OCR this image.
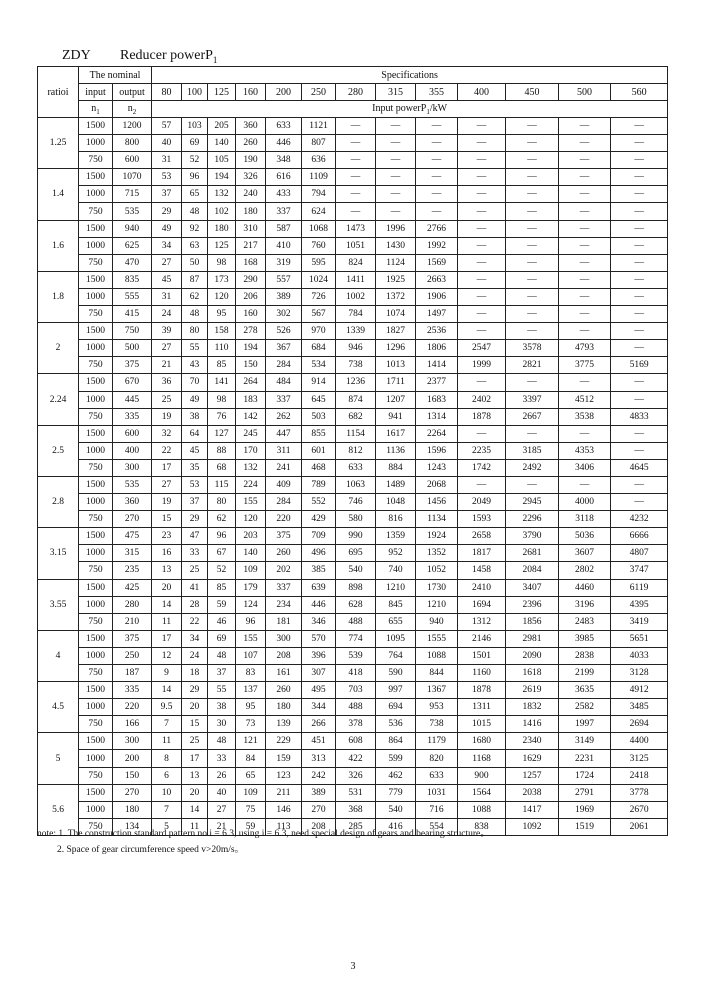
ZDY Reducer powerP$_1$
ratioi	The nominal		Specifications												
	input	output	80	100	125	160	200	250	280	315	355	400	450	500	560
	$n_1$	$n_2$	Input powerP$_1$/kW												
1.25	1500	1200	57	103	205	360	633	1121	—	—	—	—	—	—	—
	1000	800	40	69	140	260	446	807	—	—	—	—	—	—	—
	750	600	31	52	105	190	348	636	—	—	—	—	—	—	—
1.4	1500	1070	53	96	194	326	616	1109	—	—	—	—	—	—	—
	1000	715	37	65	132	240	433	794	—	—	—	—	—	—	—
	750	535	29	48	102	180	337	624	—	—	—	—	—	—	—
1.6	1500	940	49	92	180	310	587	1068	1473	1996	2766	—	—	—	—
	1000	625	34	63	125	217	410	760	1051	1430	1992	—	—	—	—
	750	470	27	50	98	168	319	595	824	1124	1569	—	—	—	—
1.8	1500	835	45	87	173	290	557	1024	1411	1925	2663	—	—	—	—
	1000	555	31	62	120	206	389	726	1002	1372	1906	—	—	—	—
	750	415	24	48	95	160	302	567	784	1074	1497	—	—	—	—
2	1500	750	39	80	158	278	526	970	1339	1827	2536	—	—	—	—
	1000	500	27	55	110	194	367	684	946	1296	1806	2547	3578	4793	—
	750	375	21	43	85	150	284	534	738	1013	1414	1999	2821	3775	5169
2.24	1500	670	36	70	141	264	484	914	1236	1711	2377	—	—	—	—
	1000	445	25	49	98	183	337	645	874	1207	1683	2402	3397	4512	—
	750	335	19	38	76	142	262	503	682	941	1314	1878	2667	3538	4833
2.5	1500	600	32	64	127	245	447	855	1154	1617	2264	—	—	—	—
	1000	400	22	45	88	170	311	601	812	1136	1596	2235	3185	4353	—
	750	300	17	35	68	132	241	468	633	884	1243	1742	2492	3406	4645
2.8	1500	535	27	53	115	224	409	789	1063	1489	2068	—	—	—	—
	1000	360	19	37	80	155	284	552	746	1048	1456	2049	2945	4000	—
	750	270	15	29	62	120	220	429	580	816	1134	1593	2296	3118	4232
3.15	1500	475	23	47	96	203	375	709	990	1359	1924	2658	3790	5036	6666
	1000	315	16	33	67	140	260	496	695	952	1352	1817	2681	3607	4807
	750	235	13	25	52	109	202	385	540	740	1052	1458	2084	2802	3747
3.55	1500	425	20	41	85	179	337	639	898	1210	1730	2410	3407	4460	6119
	1000	280	14	28	59	124	234	446	628	845	1210	1694	2396	3196	4395
	750	210	11	22	46	96	181	346	488	655	940	1312	1856	2483	3419
4	1500	375	17	34	69	155	300	570	774	1095	1555	2146	2981	3985	5651
	1000	250	12	24	48	107	208	396	539	764	1088	1501	2090	2838	4033
	750	187	9	18	37	83	161	307	418	590	844	1160	1618	2199	3128
4.5	1500	335	14	29	55	137	260	495	703	997	1367	1878	2619	3635	4912
	1000	220	9.5	20	38	95	180	344	488	694	953	1311	1832	2582	3485
	750	166	7	15	30	73	139	266	378	536	738	1015	1416	1997	2694
5	1500	300	11	25	48	121	229	451	608	864	1179	1680	2340	3149	4400
	1000	200	8	17	33	84	159	313	422	599	820	1168	1629	2231	3125
	750	150	6	13	26	65	123	242	326	462	633	900	1257	1724	2418
5.6	1500	270	10	20	40	109	211	389	531	779	1031	1564	2038	2791	3778
	1000	180	7	14	27	75	146	270	368	540	716	1088	1417	1969	2670
	750	134	5	11	21	59	113	208	285	416	554	838	1092	1519	2061
note: 1. The construction standard pattern no i = 6.3, using i = 6.3, need special design of gears and bearing structure。
2. Space of gear circumference speed v>20m/s。
3
